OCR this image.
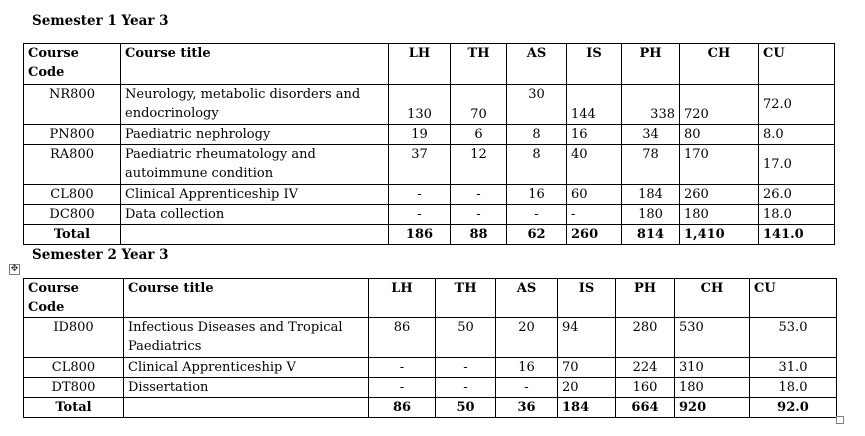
Semester 1 Year 3
Course Code	Course title	LH	TH	AS	IS	PH	CH	CU
NR800	Neurology, metabolic disorders and endocrinology	130	70	30	144	338	720	72.0
PN800	Paediatric nephrology	19	6	8	16	34	80	8.0
RA800	Paediatric rheumatology and autoimmune condition	37	12	8	40	78	170	17.0
CL800	Clinical Apprenticeship IV	-	-	16	60	184	260	26.0
DC800	Data collection	-	-	-	-	180	180	18.0
Total		186	88	62	260	814	1,410	141.0
Semester 2 Year 3
✥
Course Code	Course title	LH	TH	AS	IS	PH	CH	CU
ID800	Infectious Diseases and Tropical Paediatrics	86	50	20	94	280	530	53.0
CL800	Clinical Apprenticeship V	-	-	16	70	224	310	31.0
DT800	Dissertation	-	-	-	20	160	180	18.0
Total		86	50	36	184	664	920	92.0
